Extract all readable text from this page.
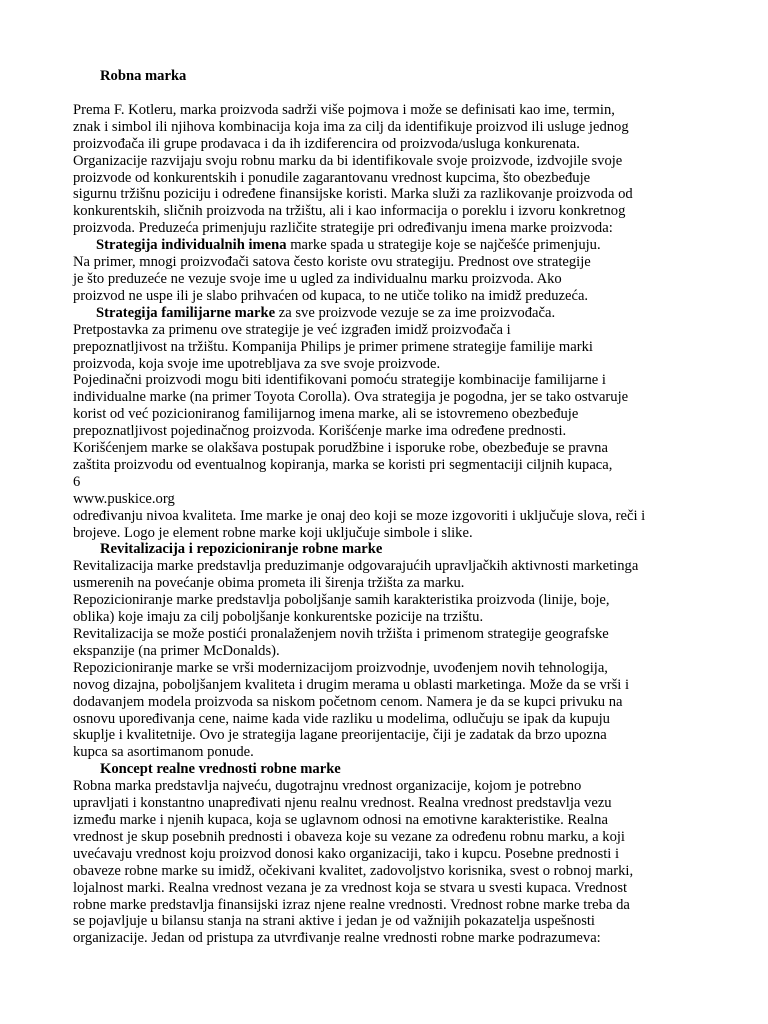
Robna marka
Prema F. Kotleru, marka proizvoda sadrži više pojmova i može se definisati kao ime, termin,
znak i simbol ili njihova kombinacija koja ima za cilj da identifikuje proizvod ili usluge jednog
proizvođača ili grupe prodavaca i da ih izdiferencira od proizvoda/usluga konkurenata.
Organizacije razvijaju svoju robnu marku da bi identifikovale svoje proizvode, izdvojile svoje
proizvode od konkurentskih i ponudile zagarantovanu vrednost kupcima, što obezbeđuje
sigurnu tržišnu poziciju i određene finansijske koristi. Marka služi za razlikovanje proizvoda od
konkurentskih, sličnih proizvoda na tržištu, ali i kao informacija o poreklu i izvoru konkretnog
proizvoda. Preduzeća primenjuju različite strategije pri određivanju imena marke proizvoda:
Strategija individualnih imena marke spada u strategije koje se najčešće primenjuju.
Na primer, mnogi proizvođači satova često koriste ovu strategiju. Prednost ove strategije
je što preduzeće ne vezuje svoje ime u ugled za individualnu marku proizvoda. Ako
proizvod ne uspe ili je slabo prihvaćen od kupaca, to ne utiče toliko na imidž preduzeća.
Strategija familijarne marke za sve proizvode vezuje se za ime proizvođača.
Pretpostavka za primenu ove strategije je već izgrađen imidž proizvođača i
prepoznatljivost na tržištu. Kompanija Philips je primer primene strategije familije marki
proizvoda, koja svoje ime upotrebljava za sve svoje proizvode.
Pojedinačni proizvodi mogu biti identifikovani pomoću strategije kombinacije familijarne i
individualne marke (na primer Toyota Corolla). Ova strategija je pogodna, jer se tako ostvaruje
korist od već pozicioniranog familijarnog imena marke, ali se istovremeno obezbeđuje
prepoznatljivost pojedinačnog proizvoda. Korišćenje marke ima određene prednosti.
Korišćenjem marke se olakšava postupak porudžbine i isporuke robe, obezbeđuje se pravna
zaštita proizvodu od eventualnog kopiranja, marka se koristi pri segmentaciji ciljnih kupaca,
6
www.puskice.org
određivanju nivoa kvaliteta. Ime marke je onaj deo koji se moze izgovoriti i uključuje slova, reči i
brojeve. Logo je element robne marke koji uključuje simbole i slike.
Revitalizacija i repozicioniranje robne marke
Revitalizacija marke predstavlja preduzimanje odgovarajućih upravljačkih aktivnosti marketinga
usmerenih na povećanje obima prometa ili širenja tržišta za marku.
Repozicioniranje marke predstavlja poboljšanje samih karakteristika proizvoda (linije, boje,
oblika) koje imaju za cilj poboljšanje konkurentske pozicije na trzištu.
Revitalizacija se može postići pronalaženjem novih tržišta i primenom strategije geografske
ekspanzije (na primer McDonalds).
Repozicioniranje marke se vrši modernizacijom proizvodnje, uvođenjem novih tehnologija,
novog dizajna, poboljšanjem kvaliteta i drugim merama u oblasti marketinga. Može da se vrši i
dodavanjem modela proizvoda sa niskom početnom cenom. Namera je da se kupci privuku na
osnovu upoređivanja cene, naime kada vide razliku u modelima, odlučuju se ipak da kupuju
skuplje i kvalitetnije. Ovo je strategija lagane preorijentacije, čiji je zadatak da brzo upozna
kupca sa asortimanom ponude.
Koncept realne vrednosti robne marke
Robna marka predstavlja najveću, dugotrajnu vrednost organizacije, kojom je potrebno
upravljati i konstantno unapređivati njenu realnu vrednost. Realna vrednost predstavlja vezu
između marke i njenih kupaca, koja se uglavnom odnosi na emotivne karakteristike. Realna
vrednost je skup posebnih prednosti i obaveza koje su vezane za određenu robnu marku, a koji
uvećavaju vrednost koju proizvod donosi kako organizaciji, tako i kupcu. Posebne prednosti i
obaveze robne marke su imidž, očekivani kvalitet, zadovoljstvo korisnika, svest o robnoj marki,
lojalnost marki. Realna vrednost vezana je za vrednost koja se stvara u svesti kupaca. Vrednost
robne marke predstavlja finansijski izraz njene realne vrednosti. Vrednost robne marke treba da
se pojavljuje u bilansu stanja na strani aktive i jedan je od važnijih pokazatelja uspešnosti
organizacije. Jedan od pristupa za utvrđivanje realne vrednosti robne marke podrazumeva:
